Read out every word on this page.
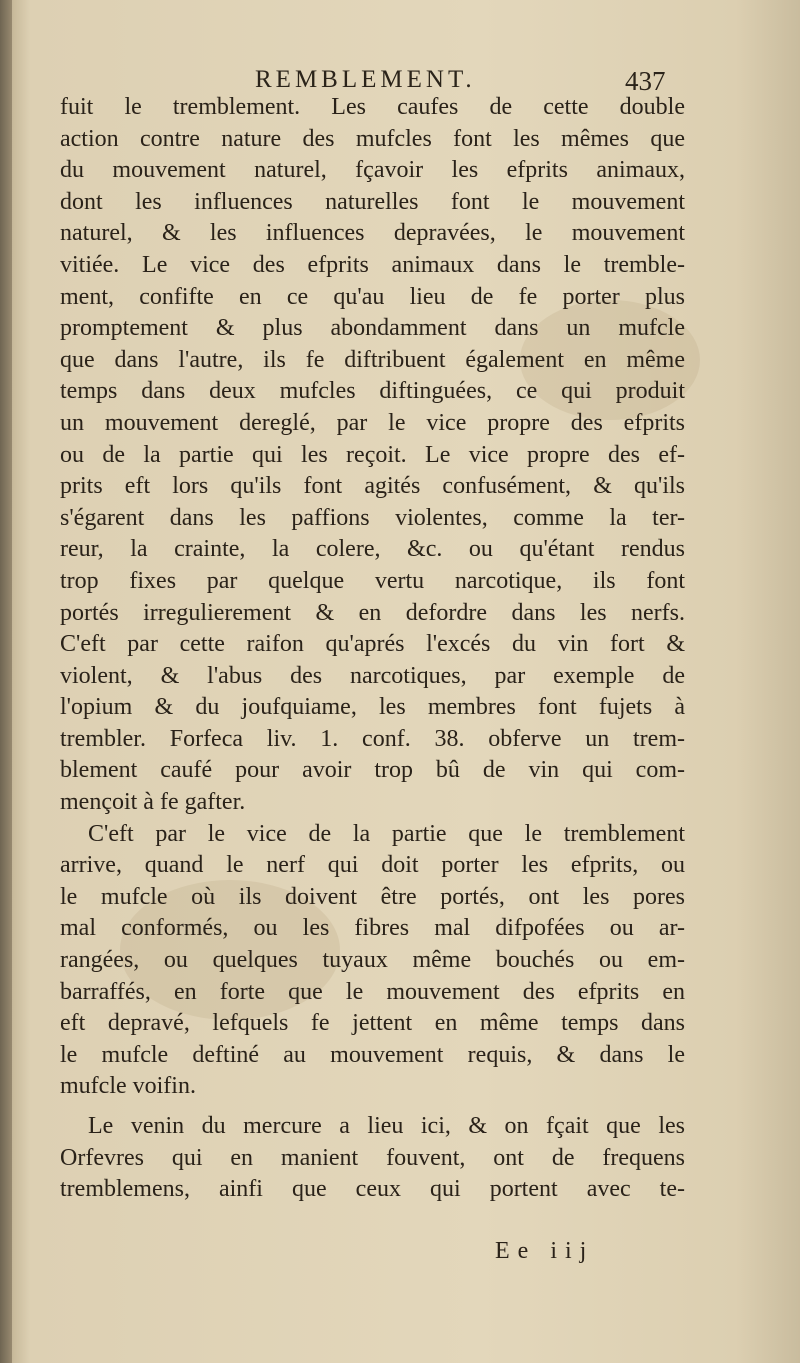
REMBLEMENT.	437
fuit le tremblement. Les caufes de cette double
action contre nature des mufcles font les mêmes que
du mouvement naturel, fçavoir les efprits animaux,
dont les influences naturelles font le mouvement
naturel, & les influences depravées, le mouvement
vitiée. Le vice des efprits animaux dans le tremble-
ment, confifte en ce qu'au lieu de fe porter plus
promptement & plus abondamment dans un mufcle
que dans l'autre, ils fe diftribuent également en même
temps dans deux mufcles diftinguées, ce qui produit
un mouvement dereglé, par le vice propre des efprits
ou de la partie qui les reçoit. Le vice propre des ef-
prits eft lors qu'ils font agités confusément, & qu'ils
s'égarent dans les paffions violentes, comme la ter-
reur, la crainte, la colere, &c. ou qu'étant rendus
trop fixes par quelque vertu narcotique, ils font
portés irregulierement & en defordre dans les nerfs.
C'eft par cette raifon qu'aprés l'excés du vin fort &
violent, & l'abus des narcotiques, par exemple de
l'opium & du joufquiame, les membres font fujets à
trembler. Forfeca liv. 1. conf. 38. obferve un trem-
blement caufé pour avoir trop bû de vin qui com-
mençoit à fe gafter.
C'eft par le vice de la partie que le tremblement
arrive, quand le nerf qui doit porter les efprits, ou
le mufcle où ils doivent être portés, ont les pores
mal conformés, ou les fibres mal difpofées ou ar-
rangées, ou quelques tuyaux même bouchés ou em-
barraffés, en forte que le mouvement des efprits en
eft depravé, lefquels fe jettent en même temps dans
le mufcle deftiné au mouvement requis, & dans le
mufcle voifin.
Le venin du mercure a lieu ici, & on fçait que les
Orfevres qui en manient fouvent, ont de frequens
tremblemens, ainfi que ceux qui portent avec te-
Ee iij
